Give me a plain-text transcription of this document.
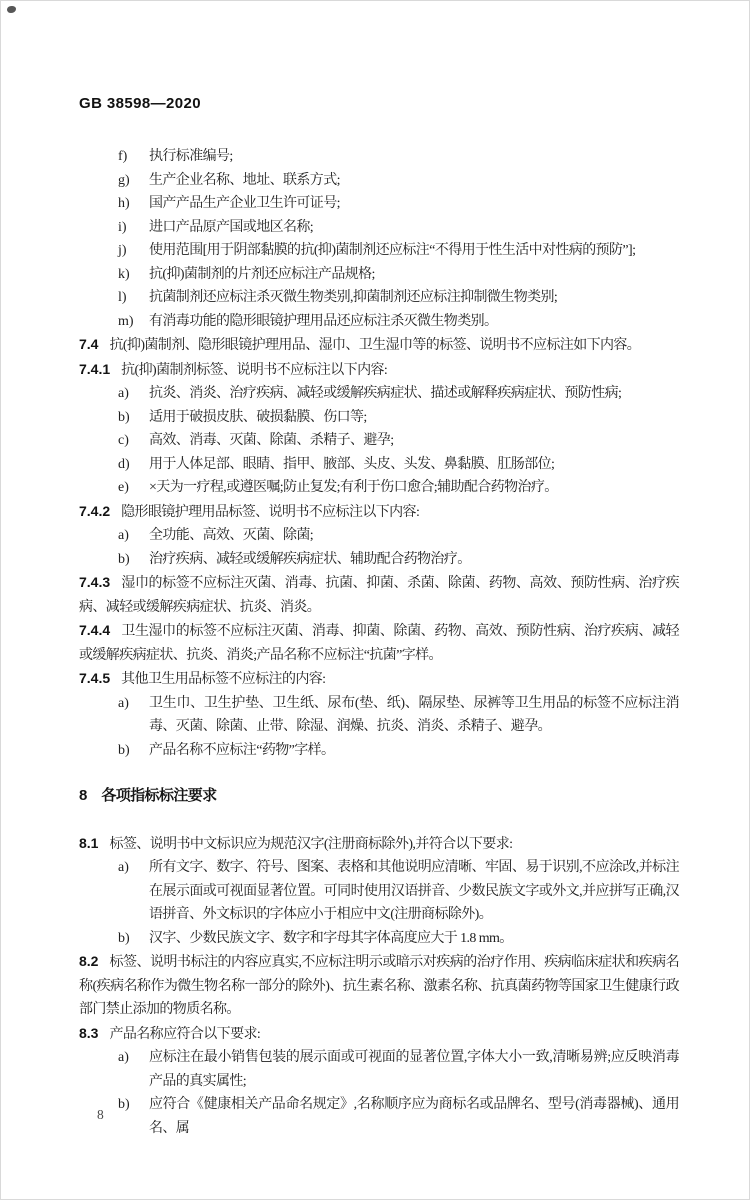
GB 38598—2020

f) 执行标准编号;

g) 生产企业名称、地址、联系方式;

h) 国产产品生产企业卫生许可证号;

i) 进口产品原产国或地区名称;

j) 使用范围[用于阴部黏膜的抗(抑)菌制剂还应标注“不得用于性生活中对性病的预防”];

k) 抗(抑)菌制剂的片剂还应标注产品规格;

l) 抗菌制剂还应标注杀灭微生物类别,抑菌制剂还应标注抑制微生物类别;

m) 有消毒功能的隐形眼镜护理用品还应标注杀灭微生物类别。

7.4 抗(抑)菌制剂、隐形眼镜护理用品、湿巾、卫生湿巾等的标签、说明书不应标注如下内容。

7.4.1 抗(抑)菌制剂标签、说明书不应标注以下内容:

a) 抗炎、消炎、治疗疾病、减轻或缓解疾病症状、描述或解释疾病症状、预防性病;

b) 适用于破损皮肤、破损黏膜、伤口等;

c) 高效、消毒、灭菌、除菌、杀精子、避孕;

d) 用于人体足部、眼睛、指甲、腋部、头皮、头发、鼻黏膜、肛肠部位;

e) ×天为一疗程,或遵医嘱;防止复发;有利于伤口愈合;辅助配合药物治疗。

7.4.2 隐形眼镜护理用品标签、说明书不应标注以下内容:

a) 全功能、高效、灭菌、除菌;

b) 治疗疾病、减轻或缓解疾病症状、辅助配合药物治疗。

7.4.3 湿巾的标签不应标注灭菌、消毒、抗菌、抑菌、杀菌、除菌、药物、高效、预防性病、治疗疾病、减轻或缓解疾病症状、抗炎、消炎。

7.4.4 卫生湿巾的标签不应标注灭菌、消毒、抑菌、除菌、药物、高效、预防性病、治疗疾病、减轻或缓解疾病症状、抗炎、消炎;产品名称不应标注“抗菌”字样。

7.4.5 其他卫生用品标签不应标注的内容:

a) 卫生巾、卫生护垫、卫生纸、尿布(垫、纸)、隔尿垫、尿裤等卫生用品的标签不应标注消毒、灭菌、除菌、止带、除湿、润燥、抗炎、消炎、杀精子、避孕。

b) 产品名称不应标注“药物”字样。

8 各项指标标注要求

8.1 标签、说明书中文标识应为规范汉字(注册商标除外),并符合以下要求:

a) 所有文字、数字、符号、图案、表格和其他说明应清晰、牢固、易于识别,不应涂改,并标注在展示面或可视面显著位置。可同时使用汉语拼音、少数民族文字或外文,并应拼写正确,汉语拼音、外文标识的字体应小于相应中文(注册商标除外)。

b) 汉字、少数民族文字、数字和字母其字体高度应大于 1.8 mm。

8.2 标签、说明书标注的内容应真实,不应标注明示或暗示对疾病的治疗作用、疾病临床症状和疾病名称(疾病名称作为微生物名称一部分的除外)、抗生素名称、激素名称、抗真菌药物等国家卫生健康行政部门禁止添加的物质名称。

8.3 产品名称应符合以下要求:

a) 应标注在最小销售包装的展示面或可视面的显著位置,字体大小一致,清晰易辨;应反映消毒产品的真实属性;

b) 应符合《健康相关产品命名规定》,名称顺序应为商标名或品牌名、型号(消毒器械)、通用名、属

8
